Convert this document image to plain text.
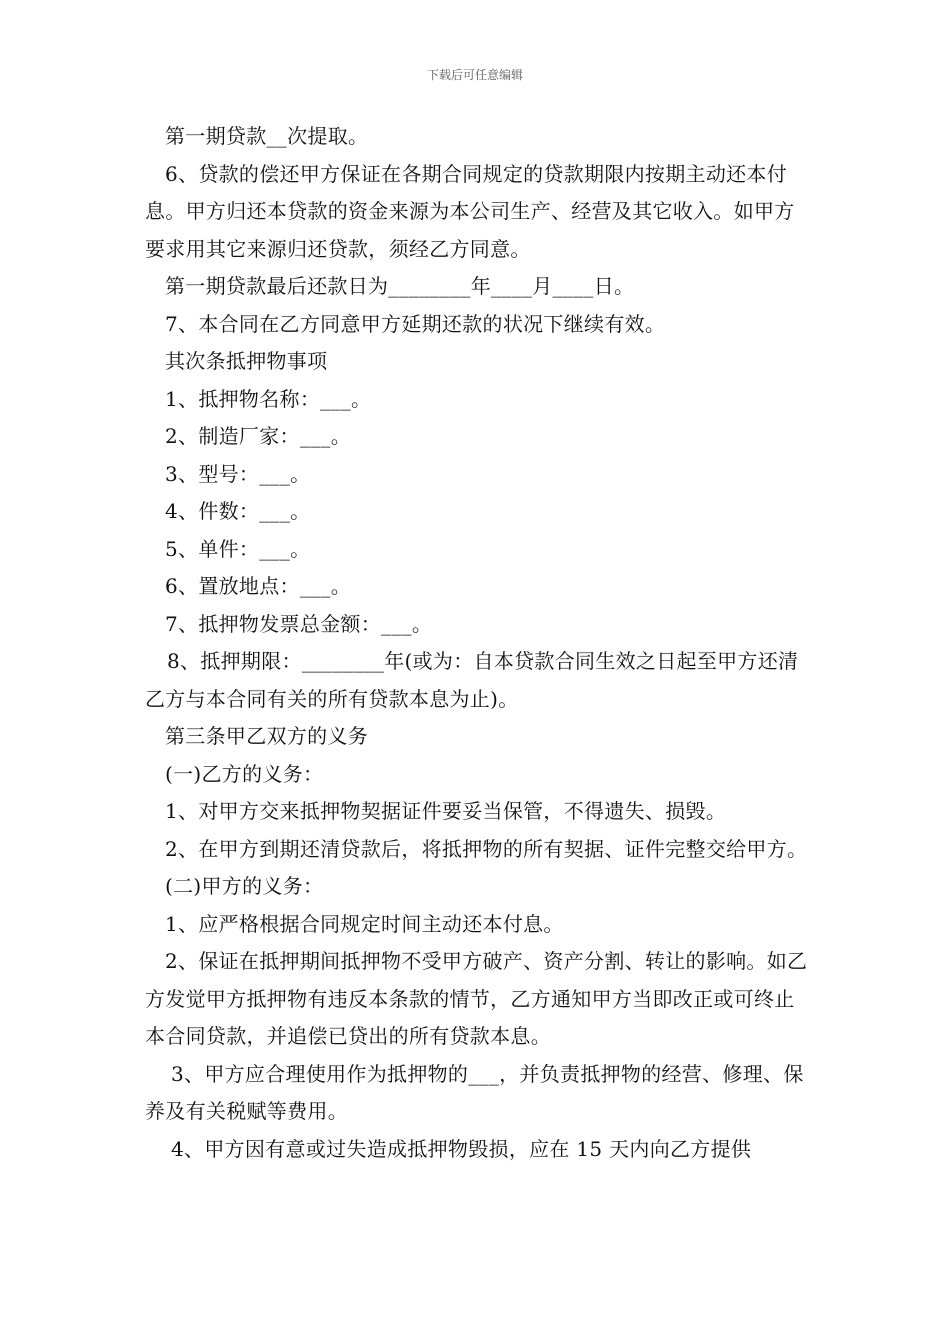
下载后可任意编辑

第一期贷款__次提取。

6、贷款的偿还甲方保证在各期合同规定的贷款期限内按期主动还本付息。甲方归还本贷款的资金来源为本公司生产、经营及其它收入。如甲方要求用其它来源归还贷款，须经乙方同意。

第一期贷款最后还款日为________年____月____日。

7、本合同在乙方同意甲方延期还款的状况下继续有效。

其次条抵押物事项

1、抵押物名称：___。

2、制造厂家：___。

3、型号：___。

4、件数：___。

5、单件：___。

6、置放地点：___。

7、抵押物发票总金额：___。

8、抵押期限：________年(或为：自本贷款合同生效之日起至甲方还清乙方与本合同有关的所有贷款本息为止)。

第三条甲乙双方的义务

(一)乙方的义务：

1、对甲方交来抵押物契据证件要妥当保管，不得遗失、损毁。

2、在甲方到期还清贷款后，将抵押物的所有契据、证件完整交给甲方。

(二)甲方的义务：

1、应严格根据合同规定时间主动还本付息。

2、保证在抵押期间抵押物不受甲方破产、资产分割、转让的影响。如乙方发觉甲方抵押物有违反本条款的情节，乙方通知甲方当即改正或可终止本合同贷款，并追偿已贷出的所有贷款本息。

3、甲方应合理使用作为抵押物的___，并负责抵押物的经营、修理、保养及有关税赋等费用。

4、甲方因有意或过失造成抵押物毁损，应在 15 天内向乙方提供
